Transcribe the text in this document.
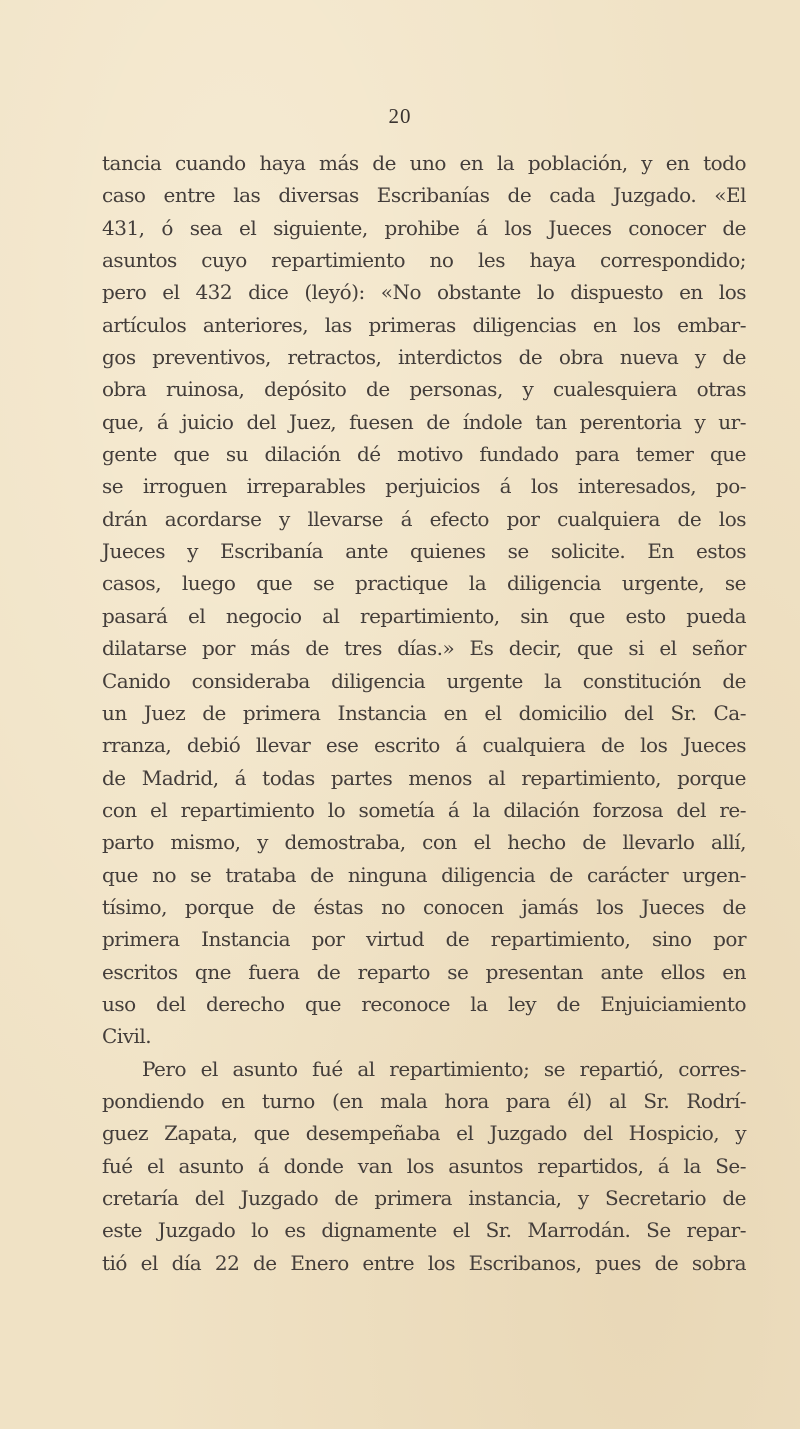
20
tancia cuando haya más de uno en la población, y en todo
caso entre las diversas Escribanías de cada Juzgado. «El
431, ó sea el siguiente, prohibe á los Jueces conocer de
asuntos cuyo repartimiento no les haya correspondido;
pero el 432 dice (leyó): «No obstante lo dispuesto en los
artículos anteriores, las primeras diligencias en los embar-
gos preventivos, retractos, interdictos de obra nueva y de
obra ruinosa, depósito de personas, y cualesquiera otras
que, á juicio del Juez, fuesen de índole tan perentoria y ur-
gente que su dilación dé motivo fundado para temer que
se irroguen irreparables perjuicios á los interesados, po-
drán acordarse y llevarse á efecto por cualquiera de los
Jueces y Escribanía ante quienes se solicite. En estos
casos, luego que se practique la diligencia urgente, se
pasará el negocio al repartimiento, sin que esto pueda
dilatarse por más de tres días.» Es decir, que si el señor
Canido consideraba diligencia urgente la constitución de
un Juez de primera Instancia en el domicilio del Sr. Ca-
rranza, debió llevar ese escrito á cualquiera de los Jueces
de Madrid, á todas partes menos al repartimiento, porque
con el repartimiento lo sometía á la dilación forzosa del re-
parto mismo, y demostraba, con el hecho de llevarlo allí,
que no se trataba de ninguna diligencia de carácter urgen-
tísimo, porque de éstas no conocen jamás los Jueces de
primera Instancia por virtud de repartimiento, sino por
escritos qne fuera de reparto se presentan ante ellos en
uso del derecho que reconoce la ley de Enjuiciamiento
Civil.
Pero el asunto fué al repartimiento; se repartió, corres-
pondiendo en turno (en mala hora para él) al Sr. Rodrí-
guez Zapata, que desempeñaba el Juzgado del Hospicio, y
fué el asunto á donde van los asuntos repartidos, á la Se-
cretaría del Juzgado de primera instancia, y Secretario de
este Juzgado lo es dignamente el Sr. Marrodán. Se repar-
tió el día 22 de Enero entre los Escribanos, pues de sobra
